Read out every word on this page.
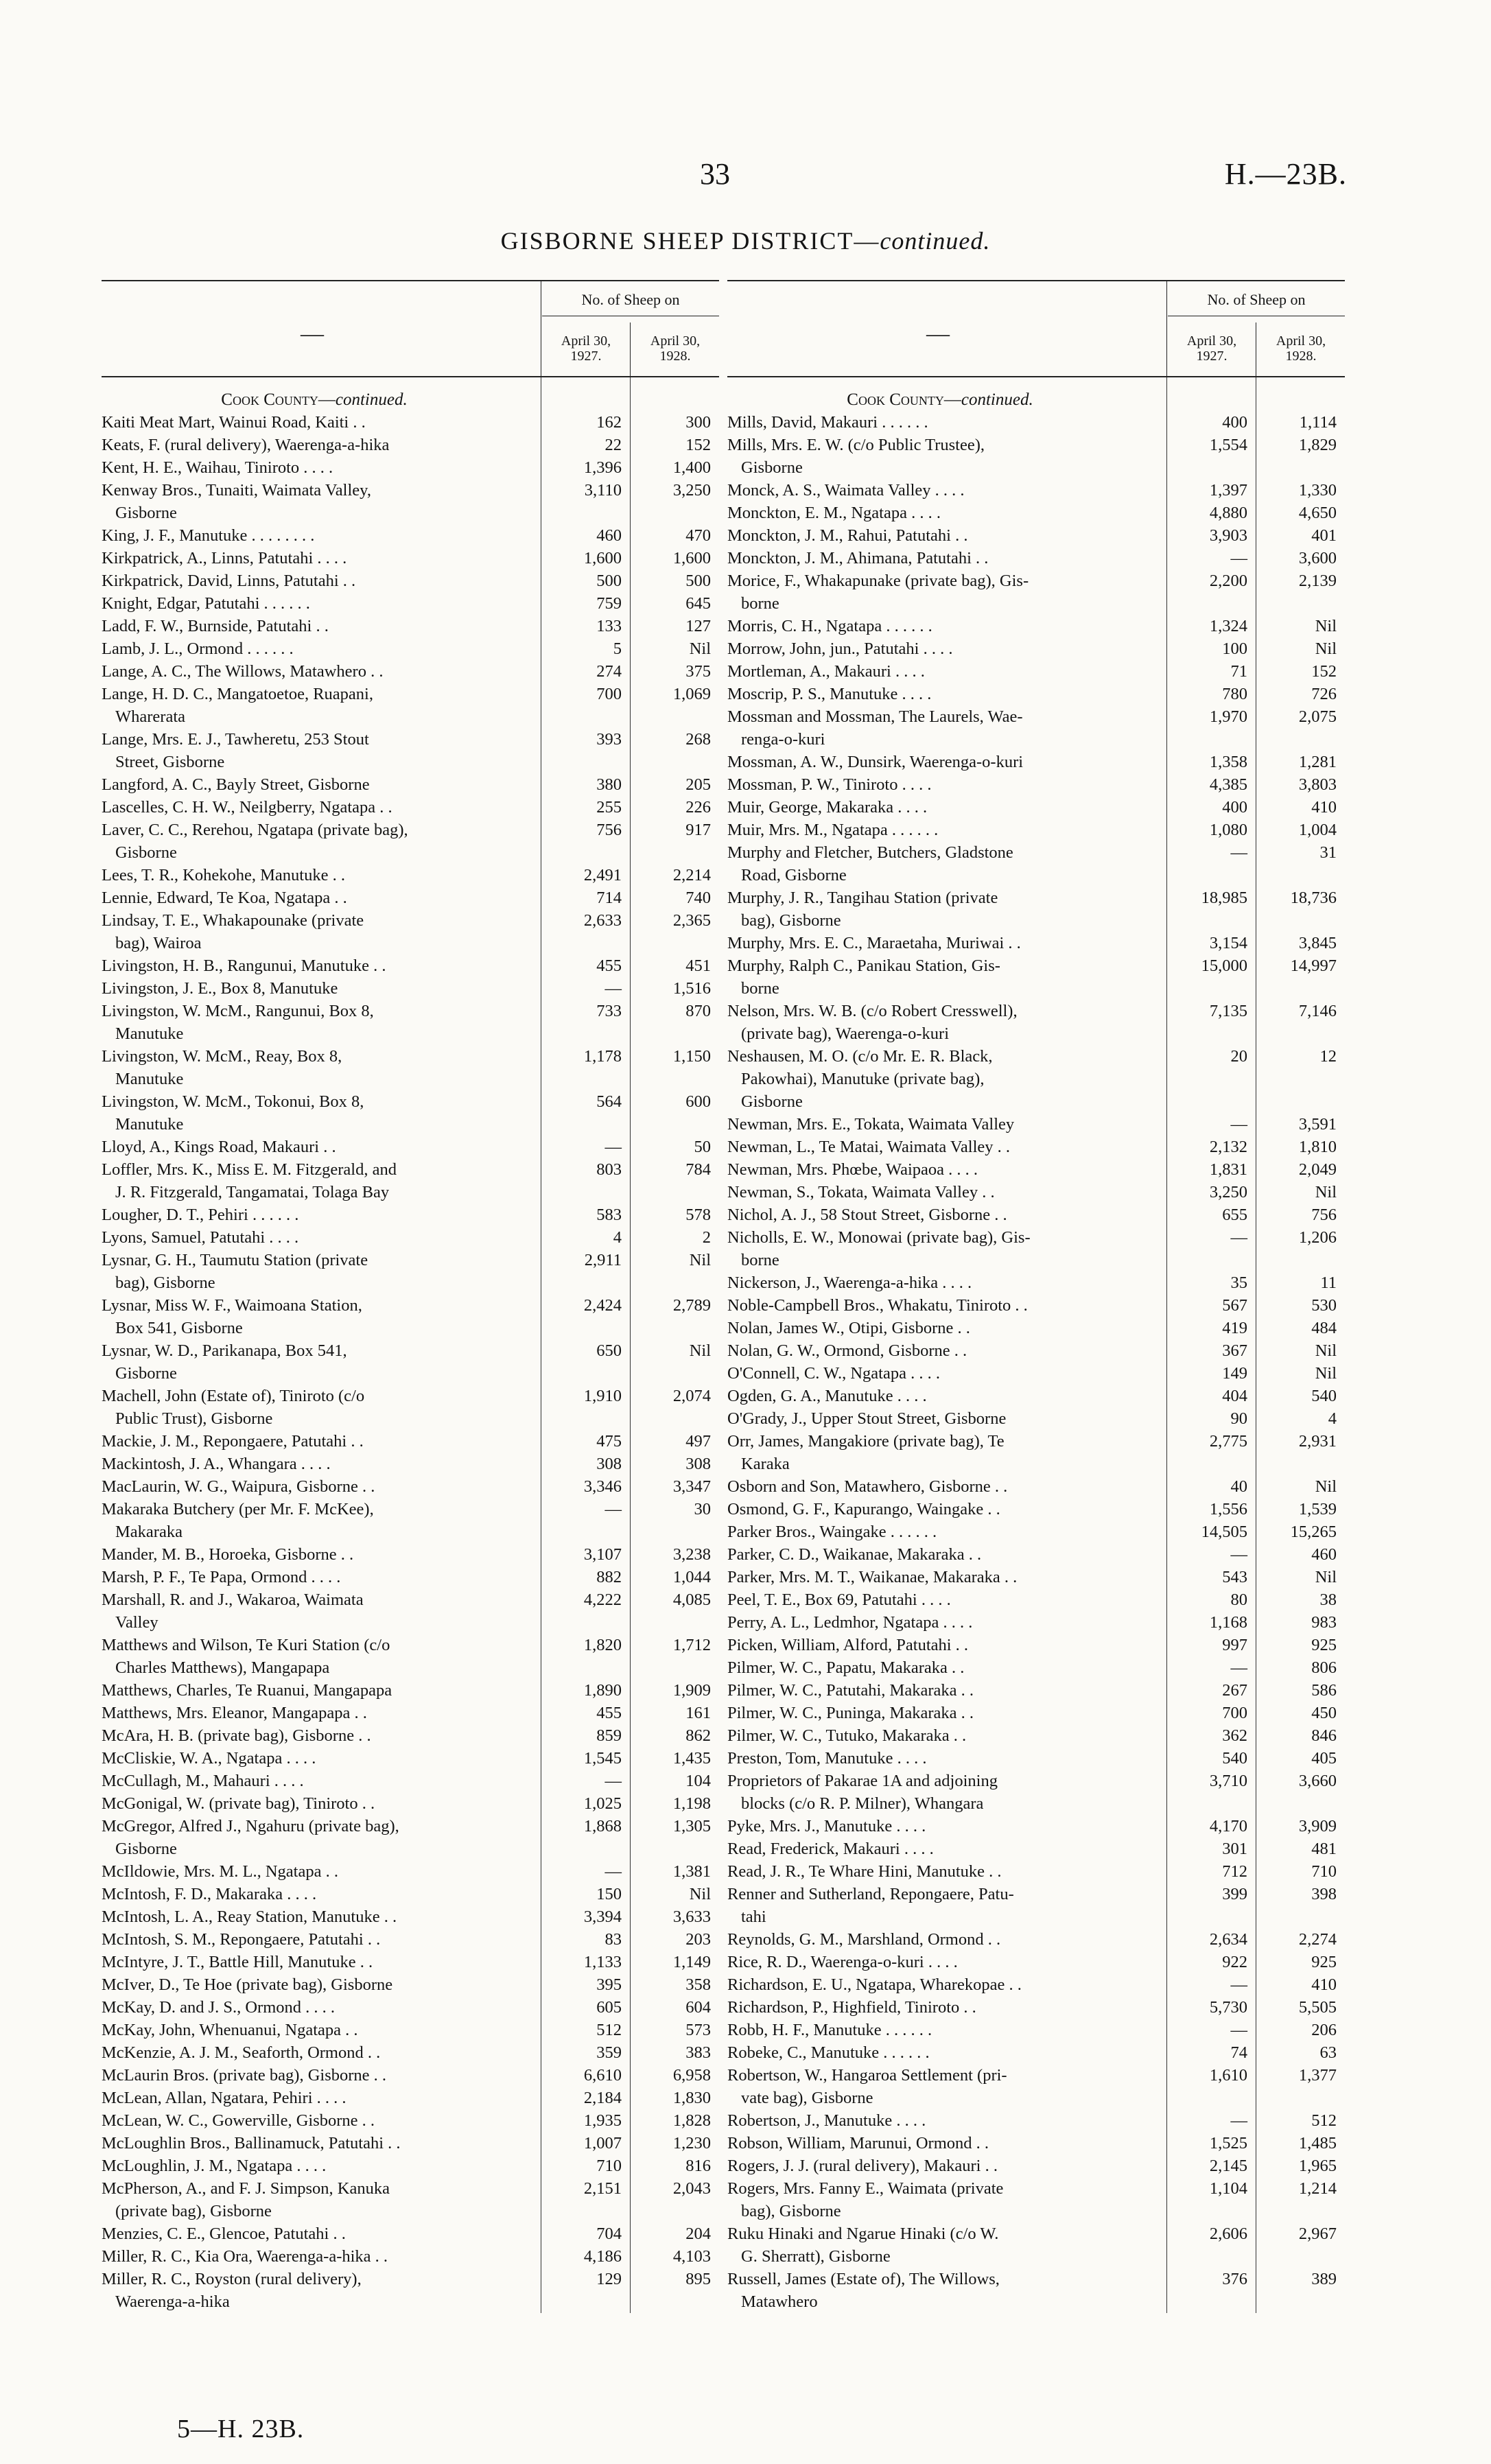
33	H.—23B.
GISBORNE SHEEP DISTRICT—continued.
—
No. of Sheep on
April 30,
1927.
April 30,
1928.
Cook County—continued.
Kaiti Meat Mart, Wainui Road, Kaiti . .	162	300
Keats, F. (rural delivery), Waerenga-a-hika	22	152
Kent, H. E., Waihau, Tiniroto . . . .	1,396	1,400
Kenway Bros., Tunaiti, Waimata Valley,
Gisborne
3,110	3,250
King, J. F., Manutuke . . . . . . . .	460	470
Kirkpatrick, A., Linns, Patutahi . . . .	1,600	1,600
Kirkpatrick, David, Linns, Patutahi . .	500	500
Knight, Edgar, Patutahi . . . . . .	759	645
Ladd, F. W., Burnside, Patutahi . .	133	127
Lamb, J. L., Ormond . . . . . .	5	Nil
Lange, A. C., The Willows, Matawhero . .	274	375
Lange, H. D. C., Mangatoetoe, Ruapani,
Wharerata
700	1,069
Lange, Mrs. E. J., Tawheretu, 253 Stout
Street, Gisborne
393	268
Langford, A. C., Bayly Street, Gisborne	380	205
Lascelles, C. H. W., Neilgberry, Ngatapa . .	255	226
Laver, C. C., Rerehou, Ngatapa (private bag),
Gisborne
756	917
Lees, T. R., Kohekohe, Manutuke . .	2,491	2,214
Lennie, Edward, Te Koa, Ngatapa . .	714	740
Lindsay, T. E., Whakapounake (private
bag), Wairoa
2,633	2,365
Livingston, H. B., Rangunui, Manutuke . .	455	451
Livingston, J. E., Box 8, Manutuke	—	1,516
Livingston, W. McM., Rangunui, Box 8,
Manutuke
733	870
Livingston, W. McM., Reay, Box 8,
Manutuke
1,178	1,150
Livingston, W. McM., Tokonui, Box 8,
Manutuke
564	600
Lloyd, A., Kings Road, Makauri . .	—	50
Loffler, Mrs. K., Miss E. M. Fitzgerald, and
J. R. Fitzgerald, Tangamatai, Tolaga Bay
803	784
Lougher, D. T., Pehiri . . . . . .	583	578
Lyons, Samuel, Patutahi . . . .	4	2
Lysnar, G. H., Taumutu Station (private
bag), Gisborne
2,911	Nil
Lysnar, Miss W. F., Waimoana Station,
Box 541, Gisborne
2,424	2,789
Lysnar, W. D., Parikanapa, Box 541,
Gisborne
650	Nil
Machell, John (Estate of), Tiniroto (c/o
Public Trust), Gisborne
1,910	2,074
Mackie, J. M., Repongaere, Patutahi . .	475	497
Mackintosh, J. A., Whangara . . . .	308	308
MacLaurin, W. G., Waipura, Gisborne . .	3,346	3,347
Makaraka Butchery (per Mr. F. McKee),
Makaraka
—	30
Mander, M. B., Horoeka, Gisborne . .	3,107	3,238
Marsh, P. F., Te Papa, Ormond . . . .	882	1,044
Marshall, R. and J., Wakaroa, Waimata
Valley
4,222	4,085
Matthews and Wilson, Te Kuri Station (c/o
Charles Matthews), Mangapapa
1,820	1,712
Matthews, Charles, Te Ruanui, Mangapapa	1,890	1,909
Matthews, Mrs. Eleanor, Mangapapa . .	455	161
McAra, H. B. (private bag), Gisborne . .	859	862
McCliskie, W. A., Ngatapa . . . .	1,545	1,435
McCullagh, M., Mahauri . . . .	—	104
McGonigal, W. (private bag), Tiniroto . .	1,025	1,198
McGregor, Alfred J., Ngahuru (private bag),
Gisborne
1,868	1,305
McIldowie, Mrs. M. L., Ngatapa . .	—	1,381
McIntosh, F. D., Makaraka . . . .	150	Nil
McIntosh, L. A., Reay Station, Manutuke . .	3,394	3,633
McIntosh, S. M., Repongaere, Patutahi . .	83	203
McIntyre, J. T., Battle Hill, Manutuke . .	1,133	1,149
McIver, D., Te Hoe (private bag), Gisborne	395	358
McKay, D. and J. S., Ormond . . . .	605	604
McKay, John, Whenuanui, Ngatapa . .	512	573
McKenzie, A. J. M., Seaforth, Ormond . .	359	383
McLaurin Bros. (private bag), Gisborne . .	6,610	6,958
McLean, Allan, Ngatara, Pehiri . . . .	2,184	1,830
McLean, W. C., Gowerville, Gisborne . .	1,935	1,828
McLoughlin Bros., Ballinamuck, Patutahi . .	1,007	1,230
McLoughlin, J. M., Ngatapa . . . .	710	816
McPherson, A., and F. J. Simpson, Kanuka
(private bag), Gisborne
2,151	2,043
Menzies, C. E., Glencoe, Patutahi . .	704	204
Miller, R. C., Kia Ora, Waerenga-a-hika . .	4,186	4,103
Miller, R. C., Royston (rural delivery),
Waerenga-a-hika
129	895
—
No. of Sheep on
April 30,
1927.
April 30,
1928.
Cook County—continued.
Mills, David, Makauri . . . . . .	400	1,114
Mills, Mrs. E. W. (c/o Public Trustee),
Gisborne
1,554	1,829
Monck, A. S., Waimata Valley . . . .	1,397	1,330
Monckton, E. M., Ngatapa . . . .	4,880	4,650
Monckton, J. M., Rahui, Patutahi . .	3,903	401
Monckton, J. M., Ahimana, Patutahi . .	—	3,600
Morice, F., Whakapunake (private bag), Gis-
borne
2,200	2,139
Morris, C. H., Ngatapa . . . . . .	1,324	Nil
Morrow, John, jun., Patutahi . . . .	100	Nil
Mortleman, A., Makauri . . . .	71	152
Moscrip, P. S., Manutuke . . . .	780	726
Mossman and Mossman, The Laurels, Wae-
renga-o-kuri
1,970	2,075
Mossman, A. W., Dunsirk, Waerenga-o-kuri	1,358	1,281
Mossman, P. W., Tiniroto . . . .	4,385	3,803
Muir, George, Makaraka . . . .	400	410
Muir, Mrs. M., Ngatapa . . . . . .	1,080	1,004
Murphy and Fletcher, Butchers, Gladstone
Road, Gisborne
—	31
Murphy, J. R., Tangihau Station (private
bag), Gisborne
18,985	18,736
Murphy, Mrs. E. C., Maraetaha, Muriwai . .	3,154	3,845
Murphy, Ralph C., Panikau Station, Gis-
borne
15,000	14,997
Nelson, Mrs. W. B. (c/o Robert Cresswell),
(private bag), Waerenga-o-kuri
7,135	7,146
Neshausen, M. O. (c/o Mr. E. R. Black,
Pakowhai), Manutuke (private bag),
Gisborne
20	12
Newman, Mrs. E., Tokata, Waimata Valley	—	3,591
Newman, L., Te Matai, Waimata Valley . .	2,132	1,810
Newman, Mrs. Phœbe, Waipaoa . . . .	1,831	2,049
Newman, S., Tokata, Waimata Valley . .	3,250	Nil
Nichol, A. J., 58 Stout Street, Gisborne . .	655	756
Nicholls, E. W., Monowai (private bag), Gis-
borne
—	1,206
Nickerson, J., Waerenga-a-hika . . . .	35	11
Noble-Campbell Bros., Whakatu, Tiniroto . .	567	530
Nolan, James W., Otipi, Gisborne . .	419	484
Nolan, G. W., Ormond, Gisborne . .	367	Nil
O'Connell, C. W., Ngatapa . . . .	149	Nil
Ogden, G. A., Manutuke . . . .	404	540
O'Grady, J., Upper Stout Street, Gisborne	90	4
Orr, James, Mangakiore (private bag), Te
Karaka
2,775	2,931
Osborn and Son, Matawhero, Gisborne . .	40	Nil
Osmond, G. F., Kapurango, Waingake . .	1,556	1,539
Parker Bros., Waingake . . . . . .	14,505	15,265
Parker, C. D., Waikanae, Makaraka . .	—	460
Parker, Mrs. M. T., Waikanae, Makaraka . .	543	Nil
Peel, T. E., Box 69, Patutahi . . . .	80	38
Perry, A. L., Ledmhor, Ngatapa . . . .	1,168	983
Picken, William, Alford, Patutahi . .	997	925
Pilmer, W. C., Papatu, Makaraka . .	—	806
Pilmer, W. C., Patutahi, Makaraka . .	267	586
Pilmer, W. C., Puninga, Makaraka . .	700	450
Pilmer, W. C., Tutuko, Makaraka . .	362	846
Preston, Tom, Manutuke . . . .	540	405
Proprietors of Pakarae 1A and adjoining
blocks (c/o R. P. Milner), Whangara
3,710	3,660
Pyke, Mrs. J., Manutuke . . . .	4,170	3,909
Read, Frederick, Makauri . . . .	301	481
Read, J. R., Te Whare Hini, Manutuke . .	712	710
Renner and Sutherland, Repongaere, Patu-
tahi
399	398
Reynolds, G. M., Marshland, Ormond . .	2,634	2,274
Rice, R. D., Waerenga-o-kuri . . . .	922	925
Richardson, E. U., Ngatapa, Wharekopae . .	—	410
Richardson, P., Highfield, Tiniroto . .	5,730	5,505
Robb, H. F., Manutuke . . . . . .	—	206
Robeke, C., Manutuke . . . . . .	74	63
Robertson, W., Hangaroa Settlement (pri-
vate bag), Gisborne
1,610	1,377
Robertson, J., Manutuke . . . .	—	512
Robson, William, Marunui, Ormond . .	1,525	1,485
Rogers, J. J. (rural delivery), Makauri . .	2,145	1,965
Rogers, Mrs. Fanny E., Waimata (private
bag), Gisborne
1,104	1,214
Ruku Hinaki and Ngarue Hinaki (c/o W.
G. Sherratt), Gisborne
2,606	2,967
Russell, James (Estate of), The Willows,
Matawhero
376	389
5—H. 23B.
